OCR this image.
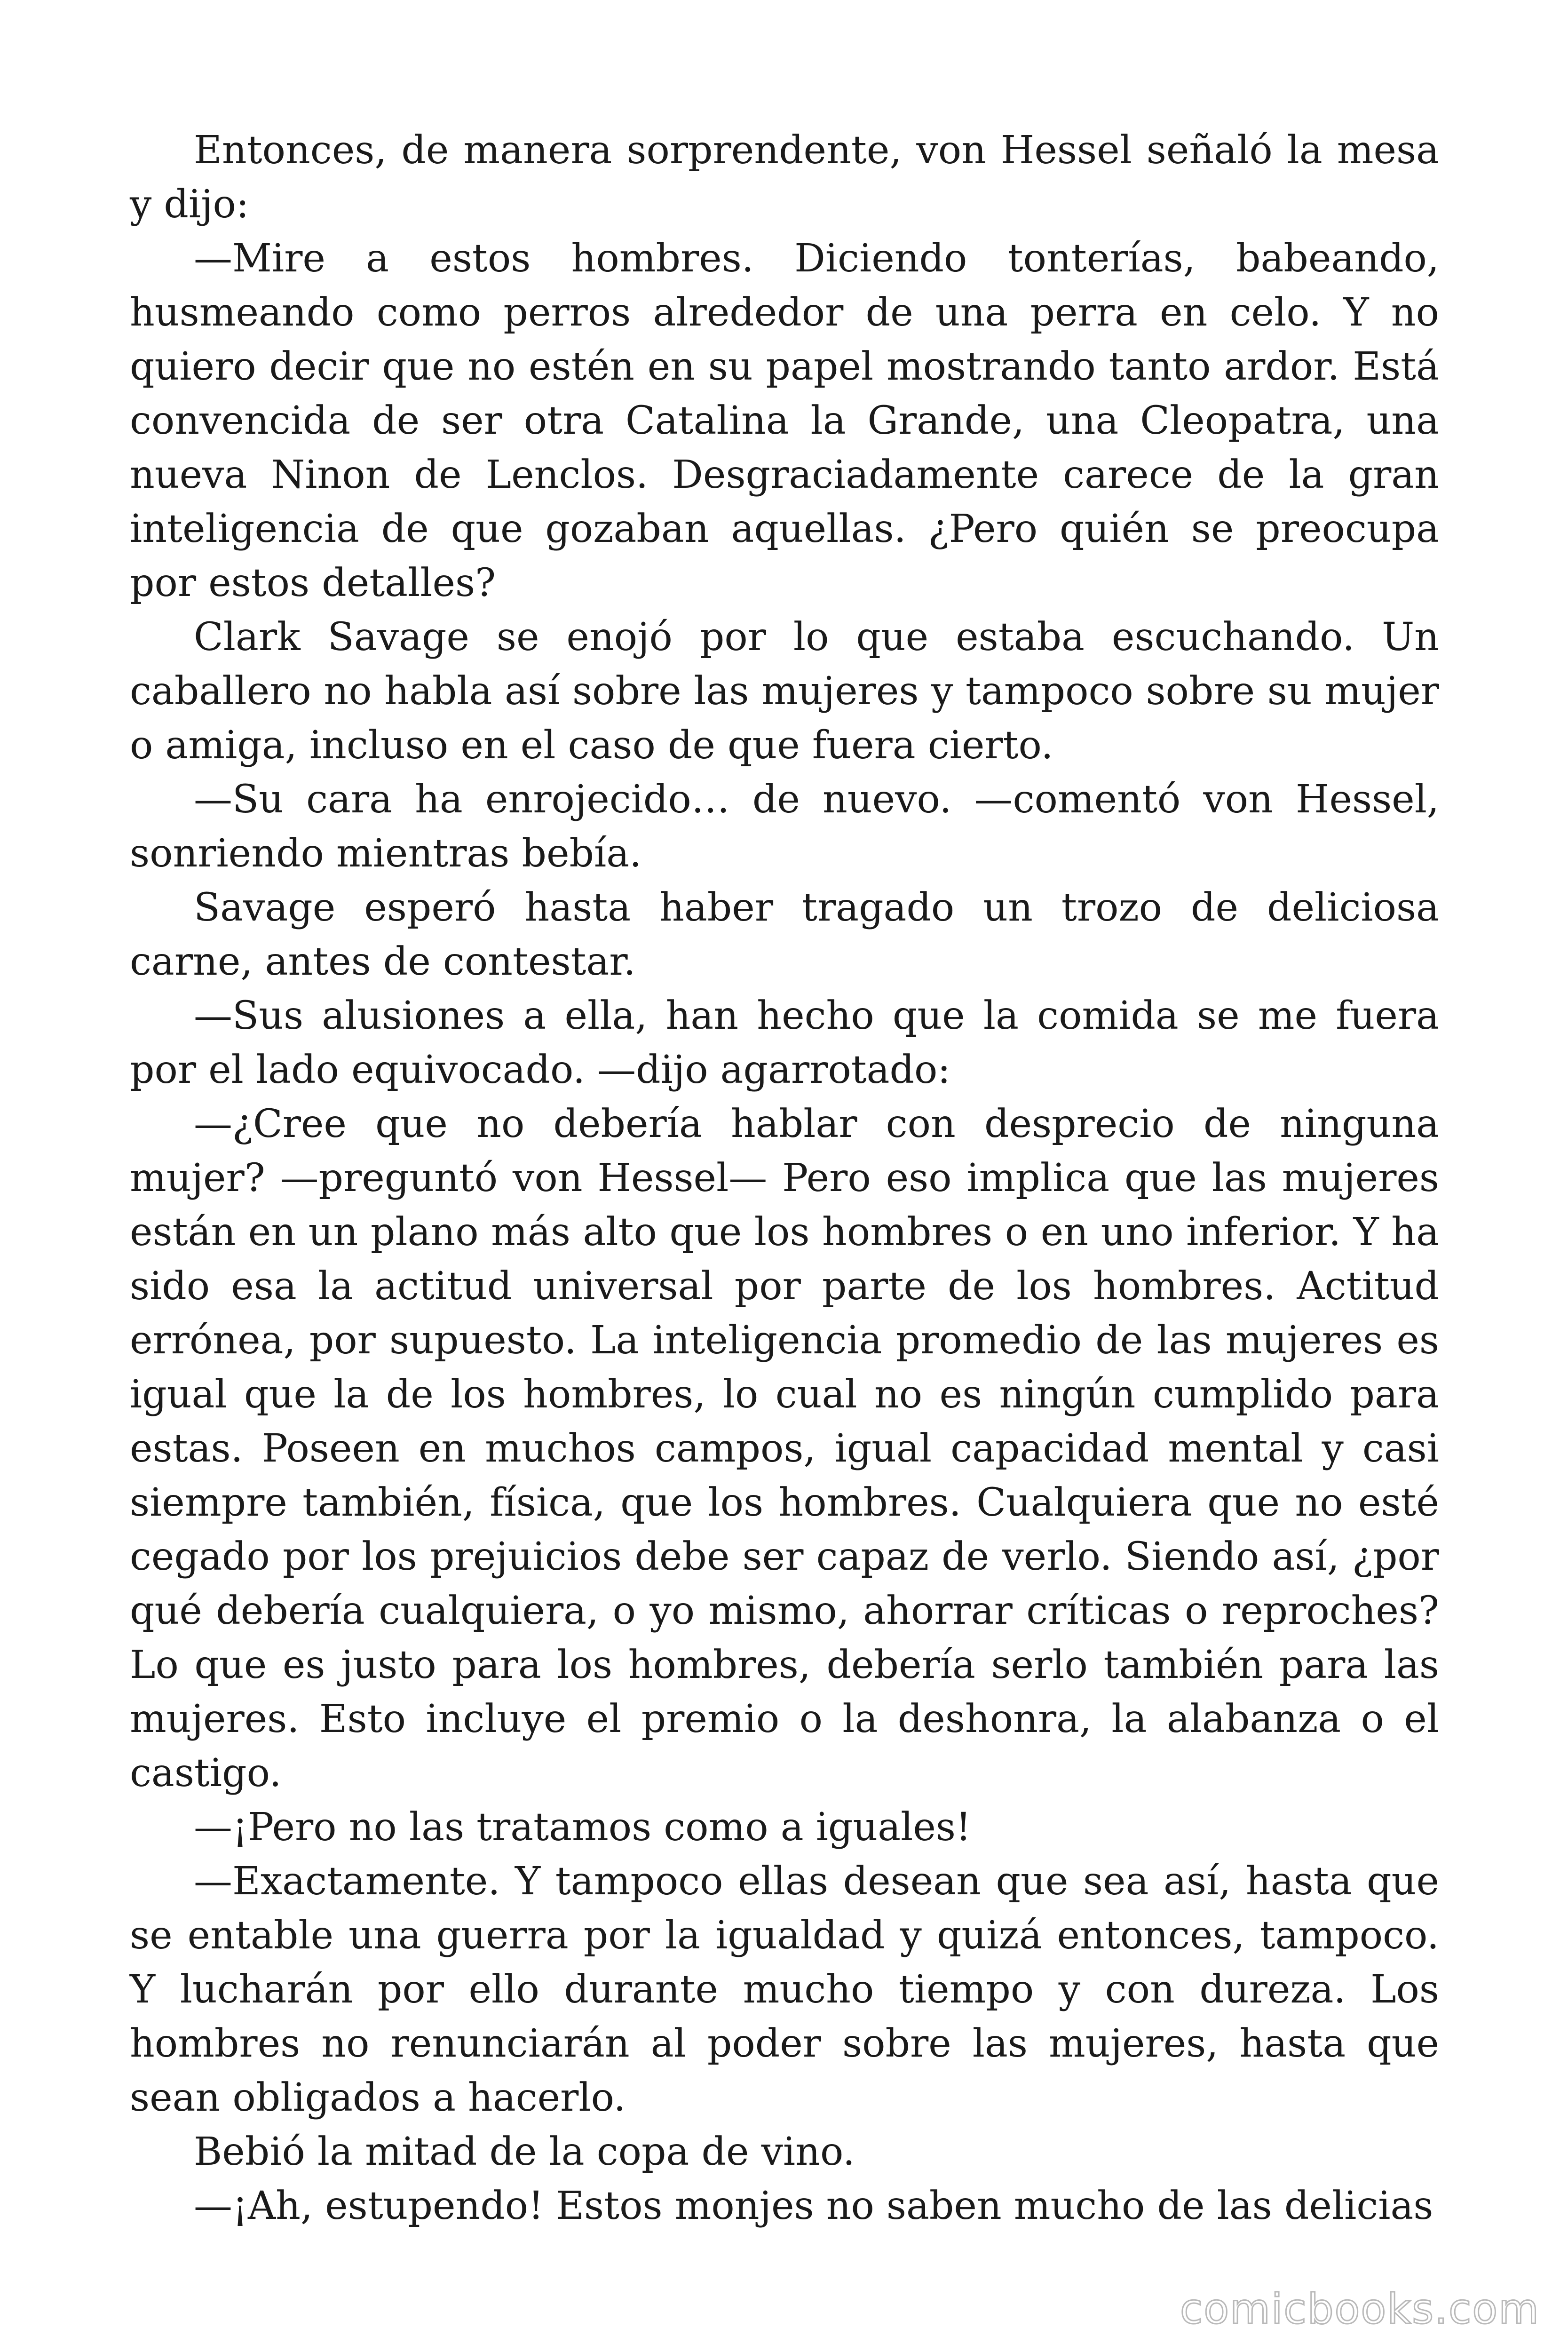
Entonces, de manera sorprendente, von Hessel señaló la mesa y dijo:

—Mire a estos hombres. Diciendo tonterías, babeando, husmeando como perros alrededor de una perra en celo. Y no quiero decir que no estén en su papel mostrando tanto ardor. Está convencida de ser otra Catalina la Grande, una Cleopatra, una nueva Ninon de Lenclos. Desgraciadamente carece de la gran inteligencia de que gozaban aquellas. ¿Pero quién se preocupa por estos detalles?

Clark Savage se enojó por lo que estaba escuchando. Un caballero no habla así sobre las mujeres y tampoco sobre su mujer o amiga, incluso en el caso de que fuera cierto.

—Su cara ha enrojecido… de nuevo. —comentó von Hessel, sonriendo mientras bebía.

Savage esperó hasta haber tragado un trozo de deliciosa carne, antes de contestar.

—Sus alusiones a ella, han hecho que la comida se me fuera por el lado equivocado. —dijo agarrotado:

—¿Cree que no debería hablar con desprecio de ninguna mujer? —preguntó von Hessel— Pero eso implica que las mujeres están en un plano más alto que los hombres o en uno inferior. Y ha sido esa la actitud universal por parte de los hombres. Actitud errónea, por supuesto. La inteligencia promedio de las mujeres es igual que la de los hombres, lo cual no es ningún cumplido para estas. Poseen en muchos campos, igual capacidad mental y casi siempre también, física, que los hombres. Cualquiera que no esté cegado por los prejuicios debe ser capaz de verlo. Siendo así, ¿por qué debería cualquiera, o yo mismo, ahorrar críticas o reproches? Lo que es justo para los hombres, debería serlo también para las mujeres. Esto incluye el premio o la deshonra, la alabanza o el castigo.

—¡Pero no las tratamos como a iguales!

—Exactamente. Y tampoco ellas desean que sea así, hasta que se entable una guerra por la igualdad y quizá entonces, tampoco. Y lucharán por ello durante mucho tiempo y con dureza. Los hombres no renunciarán al poder sobre las mujeres, hasta que sean obligados a hacerlo.

Bebió la mitad de la copa de vino.

—¡Ah, estupendo! Estos monjes no saben mucho de las delicias

comicbooks.com
